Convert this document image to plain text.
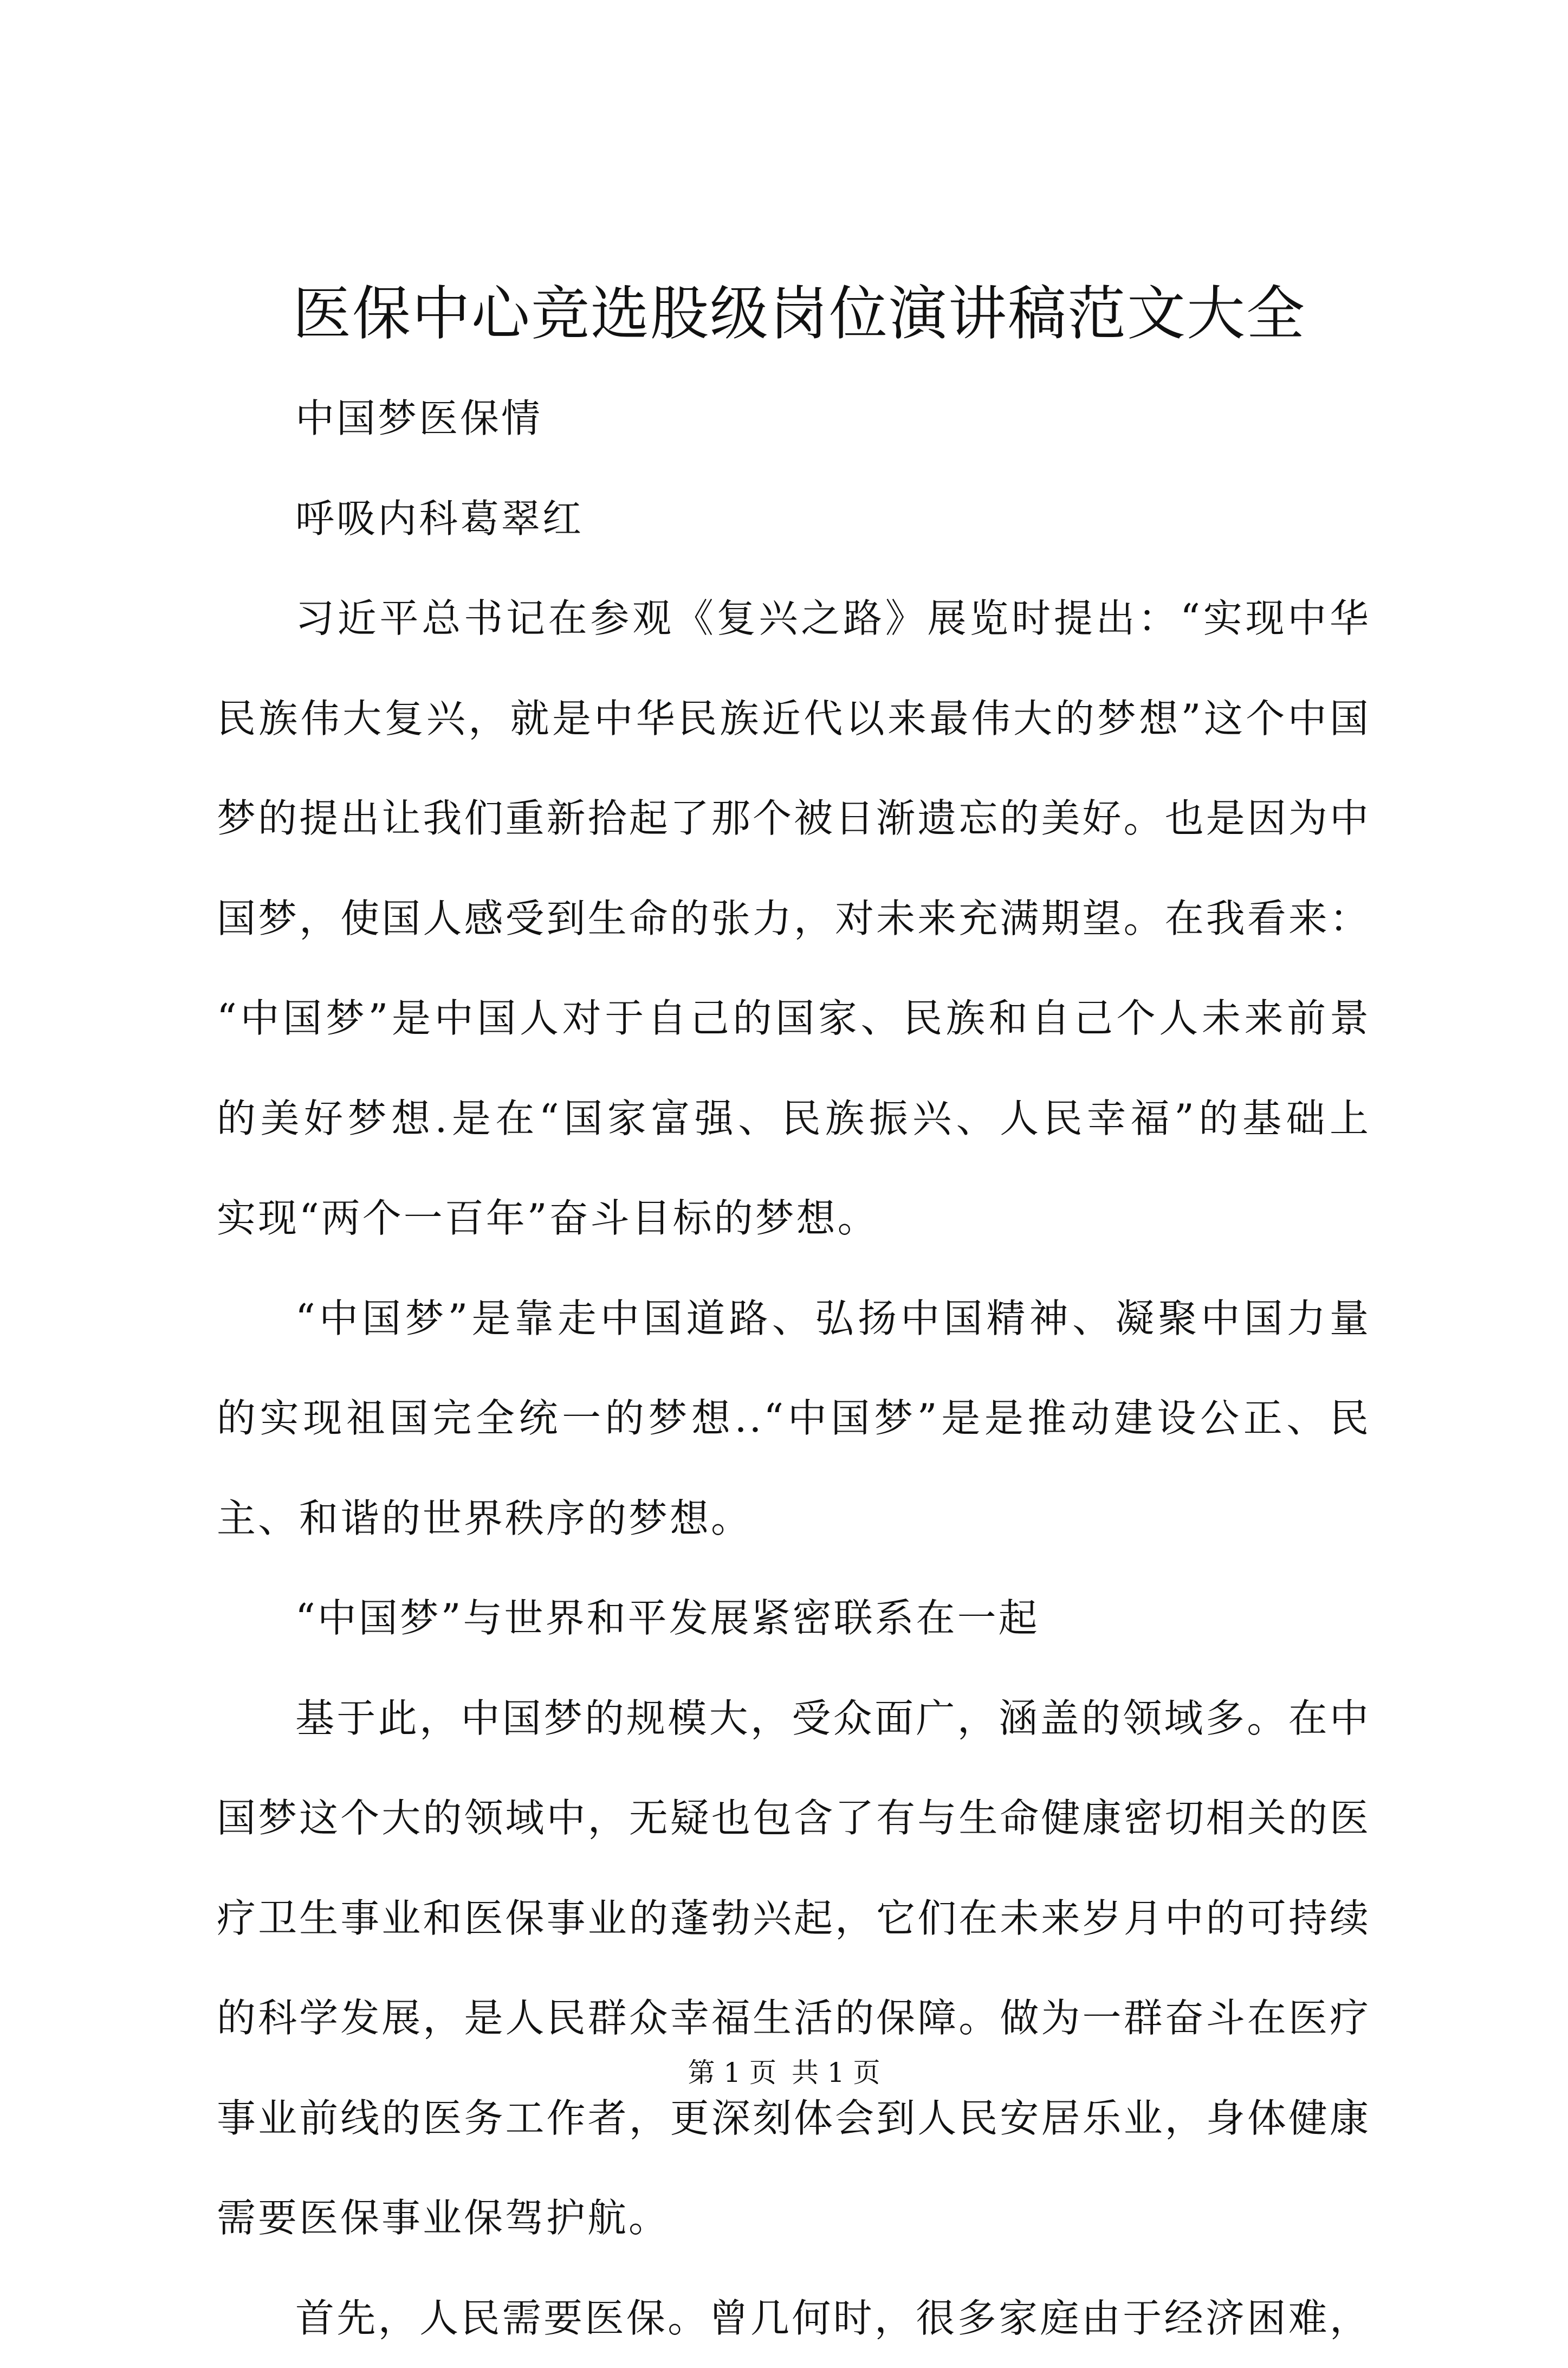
医保中心竞选股级岗位演讲稿范文大全

中国梦医保情

呼吸内科葛翠红

习近平总书记在参观《复兴之路》展览时提出：“实现中华

民族伟大复兴，就是中华民族近代以来最伟大的梦想”这个中国

梦的提出让我们重新拾起了那个被日渐遗忘的美好。也是因为中

国梦，使国人感受到生命的张力，对未来充满期望。在我看来：

“中国梦”是中国人对于自己的国家、民族和自己个人未来前景

的美好梦想.是在“国家富强、民族振兴、人民幸福”的基础上

实现“两个一百年”奋斗目标的梦想。

“中国梦”是靠走中国道路、弘扬中国精神、凝聚中国力量

的实现祖国完全统一的梦想..“中国梦”是是推动建设公正、民

主、和谐的世界秩序的梦想。

“中国梦”与世界和平发展紧密联系在一起

基于此，中国梦的规模大，受众面广，涵盖的领域多。在中

国梦这个大的领域中，无疑也包含了有与生命健康密切相关的医

疗卫生事业和医保事业的蓬勃兴起，它们在未来岁月中的可持续

的科学发展，是人民群众幸福生活的保障。做为一群奋斗在医疗

事业前线的医务工作者，更深刻体会到人民安居乐业，身体健康

需要医保事业保驾护航。

首先，人民需要医保。曾几何时，很多家庭由于经济困难，

第 1 页 共 1 页
